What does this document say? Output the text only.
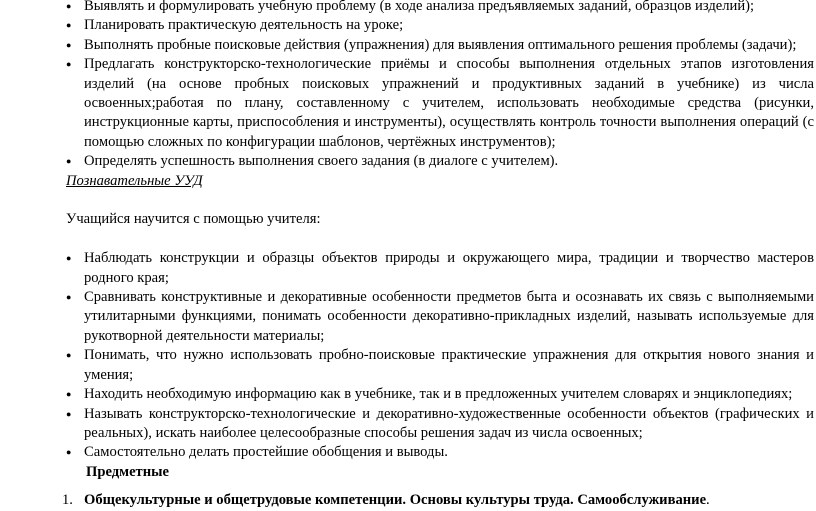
● Выявлять и формулировать учебную проблему (в ходе анализа предъявляемых заданий, образцов изделий);
● Планировать практическую деятельность на уроке;
● Выполнять пробные поисковые действия (упражнения) для выявления оптимального решения проблемы (задачи);
● Предлагать конструкторско-технологические приёмы и способы выполнения отдельных этапов изготовления изделий (на основе пробных поисковых упражнений и продуктивных заданий в учебнике) из числа освоенных;работая по плану, составленному с учителем, использовать необходимые средства (рисунки, инструкционные карты, приспособления и инструменты), осуществлять контроль точности выполнения операций (с помощью сложных по конфигурации шаблонов, чертёжных инструментов);
● Определять успешность выполнения своего задания (в диалоге с учителем).
Познавательные УУД
Учащийся научится с помощью учителя:
● Наблюдать конструкции и образцы объектов природы и окружающего мира, традиции и творчество мастеров родного края;
● Сравнивать конструктивные и декоративные особенности предметов быта и осознавать их связь с выполняемыми утилитарными функциями, понимать особенности декоративно-прикладных изделий, называть используемые для рукотворной деятельности материалы;
● Понимать, что нужно использовать пробно-поисковые практические упражнения для открытия нового знания и умения;
● Находить необходимую информацию как в учебнике, так и в предложенных учителем словарях и энциклопедиях;
● Называть конструкторско-технологические и декоративно-художественные особенности объектов (графических и реальных), искать наиболее целесообразные способы решения задач из числа освоенных;
● Самостоятельно делать простейшие обобщения и выводы.
Предметные
1. Общекультурные и общетрудовые компетенции. Основы культуры труда. Самообслуживание.
